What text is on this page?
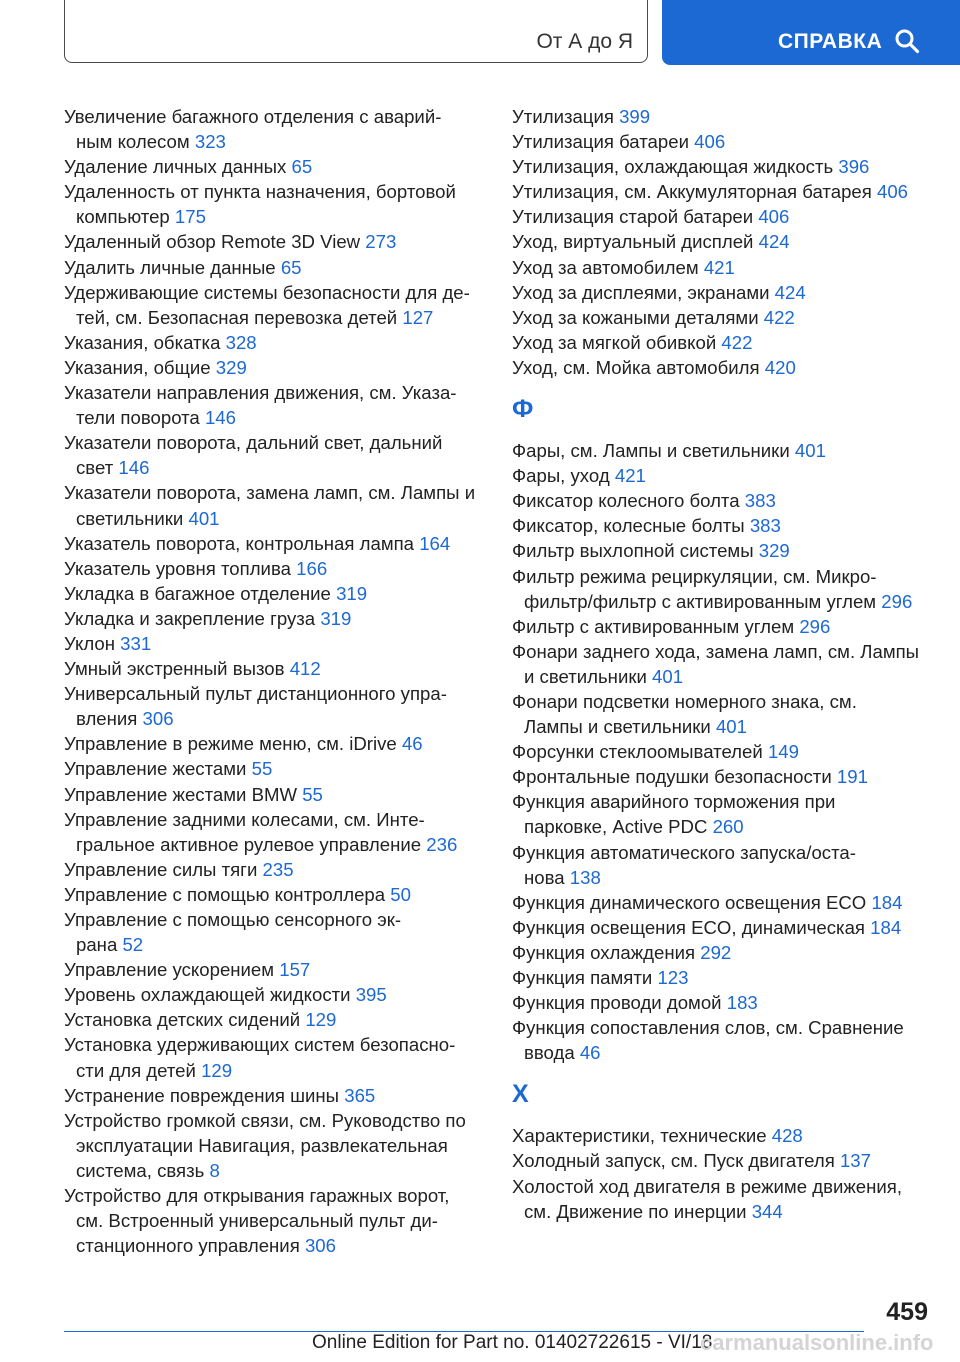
От А до Я	СПРАВКА
Увеличение багажного отделения с аварий-
ным колесом 323
Удаление личных данных 65
Удаленность от пункта назначения, бортовой
компьютер 175
Удаленный обзор Remote 3D View 273
Удалить личные данные 65
Удерживающие системы безопасности для де-
тей, см. Безопасная перевозка детей 127
Указания, обкатка 328
Указания, общие 329
Указатели направления движения, см. Указа-
тели поворота 146
Указатели поворота, дальний свет, дальний
свет 146
Указатели поворота, замена ламп, см. Лампы и
светильники 401
Указатель поворота, контрольная лампа 164
Указатель уровня топлива 166
Укладка в багажное отделение 319
Укладка и закрепление груза 319
Уклон 331
Умный экстренный вызов 412
Универсальный пульт дистанционного упра-
вления 306
Управление в режиме меню, см. iDrive 46
Управление жестами 55
Управление жестами BMW 55
Управление задними колесами, см. Инте-
гральное активное рулевое управление 236
Управление силы тяги 235
Управление с помощью контроллера 50
Управление с помощью сенсорного эк-
рана 52
Управление ускорением 157
Уровень охлаждающей жидкости 395
Установка детских сидений 129
Установка удерживающих систем безопасно-
сти для детей 129
Устранение повреждения шины 365
Устройство громкой связи, см. Руководство по
эксплуатации Навигация, развлекательная
система, связь 8
Устройство для открывания гаражных ворот,
см. Встроенный универсальный пульт ди-
станционного управления 306
Утилизация 399
Утилизация батареи 406
Утилизация, охлаждающая жидкость 396
Утилизация, см. Аккумуляторная батарея 406
Утилизация старой батареи 406
Уход, виртуальный дисплей 424
Уход за автомобилем 421
Уход за дисплеями, экранами 424
Уход за кожаными деталями 422
Уход за мягкой обивкой 422
Уход, см. Мойка автомобиля 420
Ф
Фары, см. Лампы и светильники 401
Фары, уход 421
Фиксатор колесного болта 383
Фиксатор, колесные болты 383
Фильтр выхлопной системы 329
Фильтр режима рециркуляции, см. Микро-
фильтр/фильтр с активированным углем 296
Фильтр с активированным углем 296
Фонари заднего хода, замена ламп, см. Лампы
и светильники 401
Фонари подсветки номерного знака, см.
Лампы и светильники 401
Форсунки стеклоомывателей 149
Фронтальные подушки безопасности 191
Функция аварийного торможения при
парковке, Active PDC 260
Функция автоматического запуска/оста-
нова 138
Функция динамического освещения ECO 184
Функция освещения ECO, динамическая 184
Функция охлаждения 292
Функция памяти 123
Функция проводи домой 183
Функция сопоставления слов, см. Сравнение
ввода 46
Х
Характеристики, технические 428
Холодный запуск, см. Пуск двигателя 137
Холостой ход двигателя в режиме движения,
см. Движение по инерции 344
459
Online Edition for Part no. 01402722615 - VI/18
carmanualsonline.info
